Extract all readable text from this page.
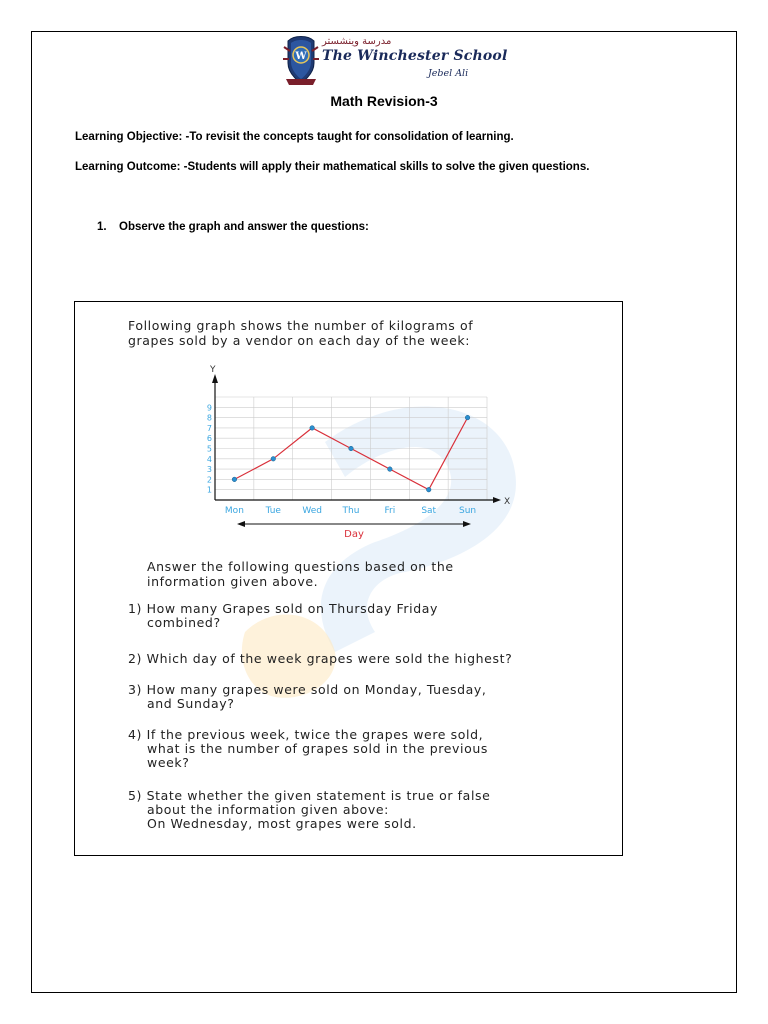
W
مدرسة وينشستر
The Winchester School
Jebel Ali
Math Revision-3
Learning Objective: -To revisit the concepts taught for consolidation of learning.
Learning Outcome: -Students will apply their mathematical skills to solve the given questions.
1. Observe the graph and answer the questions:
Following graph shows the number of kilograms of
grapes sold by a vendor on each day of the week:
Y
X
1
2
3
4
5
6
7
8
9
Mon Tue Wed Thu	Fri	Sat	Sun
Day
Answer the following questions based on the
information given above.
1) How many Grapes sold on Thursday Friday
combined?
2) Which day of the week grapes were sold the highest?
3) How many grapes were sold on Monday, Tuesday,
and Sunday?
4) If the previous week, twice the grapes were sold,
what is the number of grapes sold in the previous
week?
5) State whether the given statement is true or false
about the information given above:
On Wednesday, most grapes were sold.
